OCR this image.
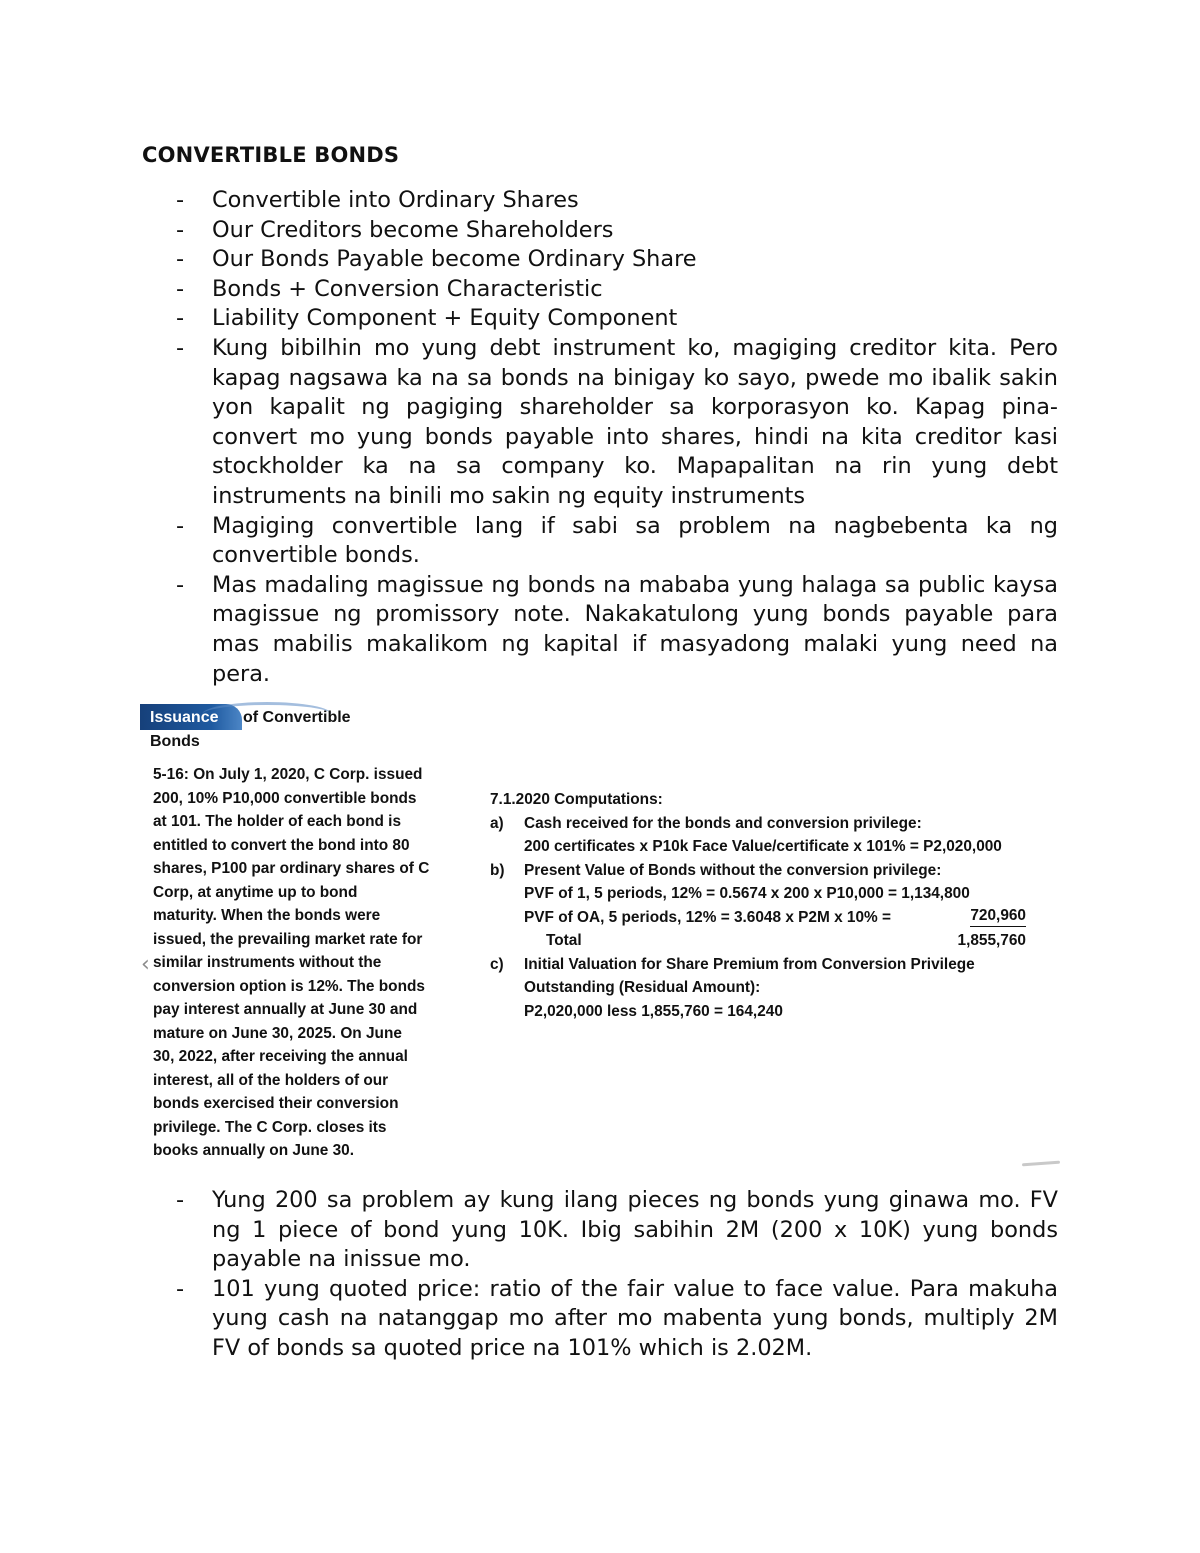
CONVERTIBLE BONDS
- Convertible into Ordinary Shares
- Our Creditors become Shareholders
- Our Bonds Payable become Ordinary Share
- Bonds + Conversion Characteristic
- Liability Component + Equity Component
- Kung bibilhin mo yung debt instrument ko, magiging creditor kita. Pero kapag nagsawa ka na sa bonds na binigay ko sayo, pwede mo ibalik sakin yon kapalit ng pagiging shareholder sa korporasyon ko. Kapag pina-convert mo yung bonds payable into shares, hindi na kita creditor kasi stockholder ka na sa company ko. Mapapalitan na rin yung debt instruments na binili mo sakin ng equity instruments
- Magiging convertible lang if sabi sa problem na nagbebenta ka ng convertible bonds.
- Mas madaling magissue ng bonds na mababa yung halaga sa public kaysa magissue ng promissory note. Nakakatulong yung bonds payable para mas mabilis makalikom ng kapital if masyadong malaki yung need na pera.
Issuance of Convertible
Bonds
5-16: On July 1, 2020, C Corp. issued
200, 10% P10,000 convertible bonds
at 101. The holder of each bond is
entitled to convert the bond into 80
shares, P100 par ordinary shares of C
Corp, at anytime up to bond
maturity. When the bonds were
issued, the prevailing market rate for
similar instruments without the
conversion option is 12%. The bonds
pay interest annually at June 30 and
mature on June 30, 2025. On June
30, 2022, after receiving the annual
interest, all of the holders of our
bonds exercised their conversion
privilege. The C Corp. closes its
books annually on June 30.
7.1.2020 Computations:
a) Cash received for the bonds and conversion privilege:
200 certificates x P10k Face Value/certificate x 101% = P2,020,000
b) Present Value of Bonds without the conversion privilege:
PVF of 1, 5 periods, 12% = 0.5674 x 200 x P10,000 = 1,134,800
PVF of OA, 5 periods, 12% = 3.6048 x P2M x 10% =	720,960
Total	1,855,760
c) Initial Valuation for Share Premium from Conversion Privilege
Outstanding (Residual Amount):
P2,020,000 less 1,855,760 = 164,240
‹
- Yung 200 sa problem ay kung ilang pieces ng bonds yung ginawa mo. FV ng 1 piece of bond yung 10K. Ibig sabihin 2M (200 x 10K) yung bonds payable na inissue mo.
- 101 yung quoted price: ratio of the fair value to face value. Para makuha yung cash na natanggap mo after mo mabenta yung bonds, multiply 2M FV of bonds sa quoted price na 101% which is 2.02M.
